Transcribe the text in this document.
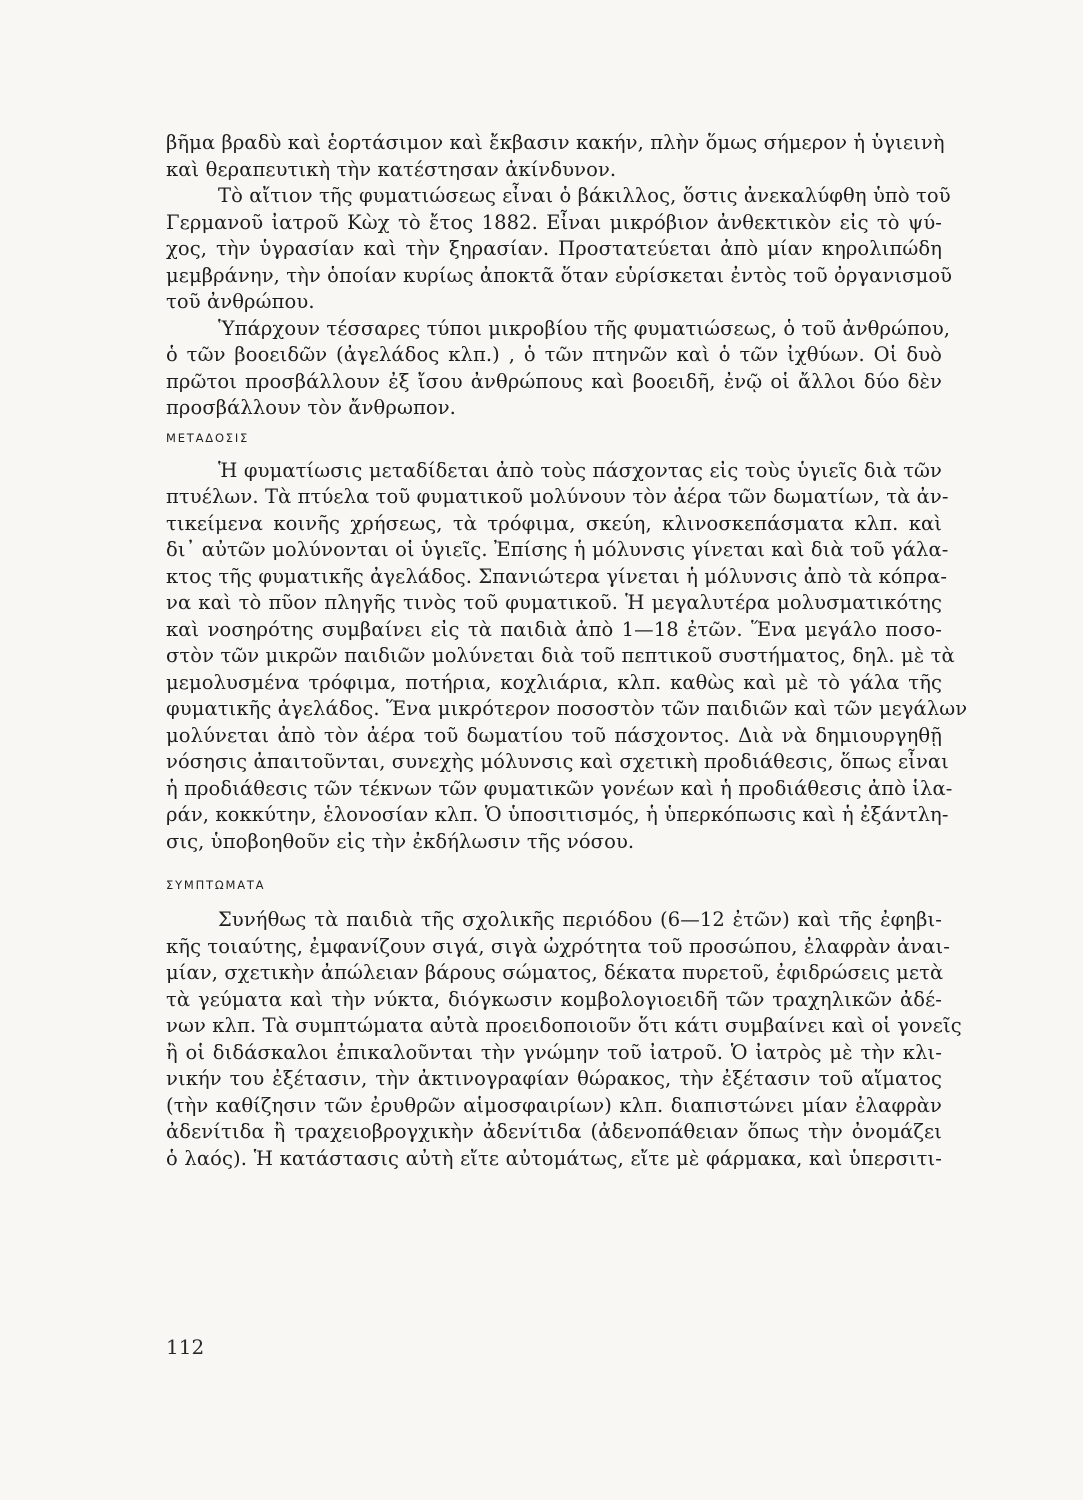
βῆμα βραδὺ καὶ ἑορτάσιμον καὶ ἔκβασιν κακήν, πλὴν ὅμως σήμερον ἡ ὑγιεινὴ
καὶ θεραπευτικὴ τὴν κατέστησαν ἀκίνδυνον.
Τὸ αἴτιον τῆς φυματιώσεως εἶναι ὁ βάκιλλος, ὅστις ἀνεκαλύφθη ὑπὸ τοῦ
Γερμανοῦ ἰατροῦ Κὼχ τὸ ἔτος 1882. Εἶναι μικρόβιον ἀνθεκτικὸν εἰς τὸ ψύ-
χος, τὴν ὑγρασίαν καὶ τὴν ξηρασίαν. Προστατεύεται ἀπὸ μίαν κηρολιπώδη
μεμβράνην, τὴν ὁποίαν κυρίως ἀποκτᾶ ὅταν εὑρίσκεται ἐντὸς τοῦ ὀργανισμοῦ
τοῦ ἀνθρώπου.
Ὑπάρχουν τέσσαρες τύποι μικροβίου τῆς φυματιώσεως, ὁ τοῦ ἀνθρώπου,
ὁ τῶν βοοειδῶν (ἀγελάδος κλπ.) , ὁ τῶν πτηνῶν καὶ ὁ τῶν ἰχθύων. Οἱ δυὸ
πρῶτοι προσβάλλουν ἐξ ἴσου ἀνθρώπους καὶ βοοειδῆ, ἐνῷ οἱ ἄλλοι δύο δὲν
προσβάλλουν τὸν ἄνθρωπον.
ΜΕΤΑΔΟΣΙΣ
Ἡ φυματίωσις μεταδίδεται ἀπὸ τοὺς πάσχοντας εἰς τοὺς ὑγιεῖς διὰ τῶν
πτυέλων. Τὰ πτύελα τοῦ φυματικοῦ μολύνουν τὸν ἀέρα τῶν δωματίων, τὰ ἀν-
τικείμενα κοινῆς χρήσεως, τὰ τρόφιμα, σκεύη, κλινοσκεπάσματα κλπ. καὶ
δι᾽ αὐτῶν μολύνονται οἱ ὑγιεῖς. Ἐπίσης ἡ μόλυνσις γίνεται καὶ διὰ τοῦ γάλα-
κτος τῆς φυματικῆς ἀγελάδος. Σπανιώτερα γίνεται ἡ μόλυνσις ἀπὸ τὰ κόπρα-
να καὶ τὸ πῦον πληγῆς τινὸς τοῦ φυματικοῦ. Ἡ μεγαλυτέρα μολυσματικότης
καὶ νοσηρότης συμβαίνει εἰς τὰ παιδιὰ ἀπὸ 1—18 ἐτῶν. Ἕνα μεγάλο ποσο-
στὸν τῶν μικρῶν παιδιῶν μολύνεται διὰ τοῦ πεπτικοῦ συστήματος, δηλ. μὲ τὰ
μεμολυσμένα τρόφιμα, ποτήρια, κοχλιάρια, κλπ. καθὼς καὶ μὲ τὸ γάλα τῆς
φυματικῆς ἀγελάδος. Ἕνα μικρότερον ποσοστὸν τῶν παιδιῶν καὶ τῶν μεγάλων
μολύνεται ἀπὸ τὸν ἀέρα τοῦ δωματίου τοῦ πάσχοντος. Διὰ νὰ δημιουργηθῇ
νόσησις ἀπαιτοῦνται, συνεχὴς μόλυνσις καὶ σχετικὴ προδιάθεσις, ὅπως εἶναι
ἡ προδιάθεσις τῶν τέκνων τῶν φυματικῶν γονέων καὶ ἡ προδιάθεσις ἀπὸ ἱλα-
ράν, κοκκύτην, ἑλονοσίαν κλπ. Ὁ ὑποσιτισμός, ἡ ὑπερκόπωσις καὶ ἡ ἐξάντλη-
σις, ὑποβοηθοῦν εἰς τὴν ἐκδήλωσιν τῆς νόσου.
ΣΥΜΠΤΩΜΑΤΑ
Συνήθως τὰ παιδιὰ τῆς σχολικῆς περιόδου (6—12 ἐτῶν) καὶ τῆς ἐφηβι-
κῆς τοιαύτης, ἐμφανίζουν σιγά, σιγὰ ὠχρότητα τοῦ προσώπου, ἐλαφρὰν ἀναι-
μίαν, σχετικὴν ἀπώλειαν βάρους σώματος, δέκατα πυρετοῦ, ἐφιδρώσεις μετὰ
τὰ γεύματα καὶ τὴν νύκτα, διόγκωσιν κομβολογιοειδῆ τῶν τραχηλικῶν ἀδέ-
νων κλπ. Τὰ συμπτώματα αὐτὰ προειδοποιοῦν ὅτι κάτι συμβαίνει καὶ οἱ γονεῖς
ἢ οἱ διδάσκαλοι ἐπικαλοῦνται τὴν γνώμην τοῦ ἰατροῦ. Ὁ ἰατρὸς μὲ τὴν κλι-
νικήν του ἐξέτασιν, τὴν ἀκτινογραφίαν θώρακος, τὴν ἐξέτασιν τοῦ αἵματος
(τὴν καθίζησιν τῶν ἐρυθρῶν αἱμοσφαιρίων) κλπ. διαπιστώνει μίαν ἐλαφρὰν
ἀδενίτιδα ἢ τραχειοβρογχικὴν ἀδενίτιδα (ἀδενοπάθειαν ὅπως τὴν ὀνομάζει
ὁ λαός). Ἡ κατάστασις αὐτὴ εἴτε αὐτομάτως, εἴτε μὲ φάρμακα, καὶ ὑπερσιτι-
112
